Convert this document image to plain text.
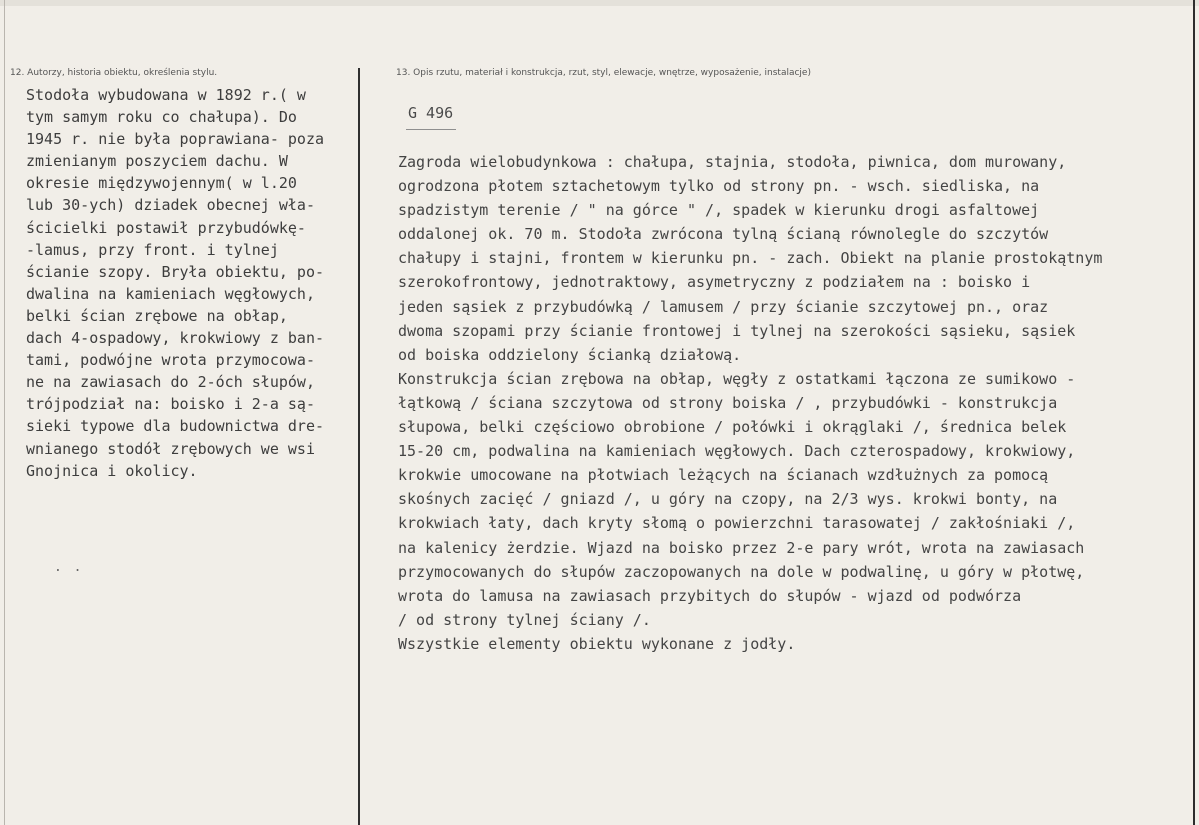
12. Autorzy, historia obiektu, określenia stylu.	13. Opis rzutu, materiał i konstrukcja, rzut, styl, elewacje, wnętrze, wyposażenie, instalacje)
Stodoła wybudowana w 1892 r.( w
tym samym roku co chałupa). Do
1945 r. nie była poprawiana- poza
zmienianym poszyciem dachu. W
okresie międzywojennym( w l.20
lub 30-ych) dziadek obecnej wła-
ścicielki postawił przybudówkę-
-lamus, przy front. i tylnej
ścianie szopy. Bryła obiektu, po-
dwalina na kamieniach węgłowych,
belki ścian zrębowe na obłap,
dach 4-ospadowy, krokwiowy z ban-
tami, podwójne wrota przymocowa-
ne na zawiasach do 2-óch słupów,
trójpodział na: boisko i 2-a są-
sieki typowe dla budownictwa dre-
wnianego stodół zrębowych we wsi
Gnojnica i okolicy.
. .
G 496
Zagroda wielobudynkowa : chałupa, stajnia, stodoła, piwnica, dom murowany,
ogrodzona płotem sztachetowym tylko od strony pn. - wsch. siedliska, na
spadzistym terenie / " na górce " /, spadek w kierunku drogi asfaltowej
oddalonej ok. 70 m. Stodoła zwrócona tylną ścianą równolegle do szczytów
chałupy i stajni, frontem w kierunku pn. - zach. Obiekt na planie prostokątnym
szerokofrontowy, jednotraktowy, asymetryczny z podziałem na : boisko i
jeden sąsiek z przybudówką / lamusem / przy ścianie szczytowej pn., oraz
dwoma szopami przy ścianie frontowej i tylnej na szerokości sąsieku, sąsiek
od boiska oddzielony ścianką działową.
Konstrukcja ścian zrębowa na obłap, węgły z ostatkami łączona ze sumikowo -
łątkową / ściana szczytowa od strony boiska / , przybudówki - konstrukcja
słupowa, belki częściowo obrobione / połówki i okrąglaki /, średnica belek
15-20 cm, podwalina na kamieniach węgłowych. Dach czterospadowy, krokwiowy,
krokwie umocowane na płotwiach leżących na ścianach wzdłużnych za pomocą
skośnych zacięć / gniazd /, u góry na czopy, na 2/3 wys. krokwi bonty, na
krokwiach łaty, dach kryty słomą o powierzchni tarasowatej / zakłośniaki /,
na kalenicy żerdzie. Wjazd na boisko przez 2-e pary wrót, wrota na zawiasach
przymocowanych do słupów zaczopowanych na dole w podwalinę, u góry w płotwę,
wrota do lamusa na zawiasach przybitych do słupów - wjazd od podwórza
/ od strony tylnej ściany /.
Wszystkie elementy obiektu wykonane z jodły.
